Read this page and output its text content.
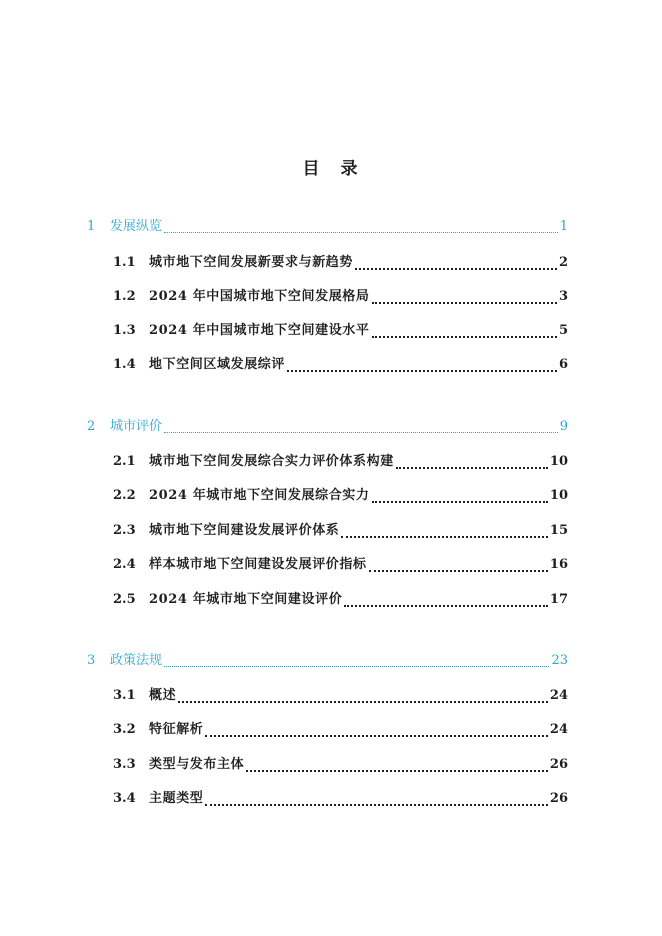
目　录
1	发展纵览	1
1.1	城市地下空间发展新要求与新趋势	2
1.2	2024 年中国城市地下空间发展格局	3
1.3	2024 年中国城市地下空间建设水平	5
1.4	地下空间区域发展综评	6
2	城市评价	9
2.1	城市地下空间发展综合实力评价体系构建	10
2.2	2024 年城市地下空间发展综合实力	10
2.3	城市地下空间建设发展评价体系	15
2.4	样本城市地下空间建设发展评价指标	16
2.5	2024 年城市地下空间建设评价	17
3	政策法规	23
3.1	概述	24
3.2	特征解析	24
3.3	类型与发布主体	26
3.4	主题类型	26
